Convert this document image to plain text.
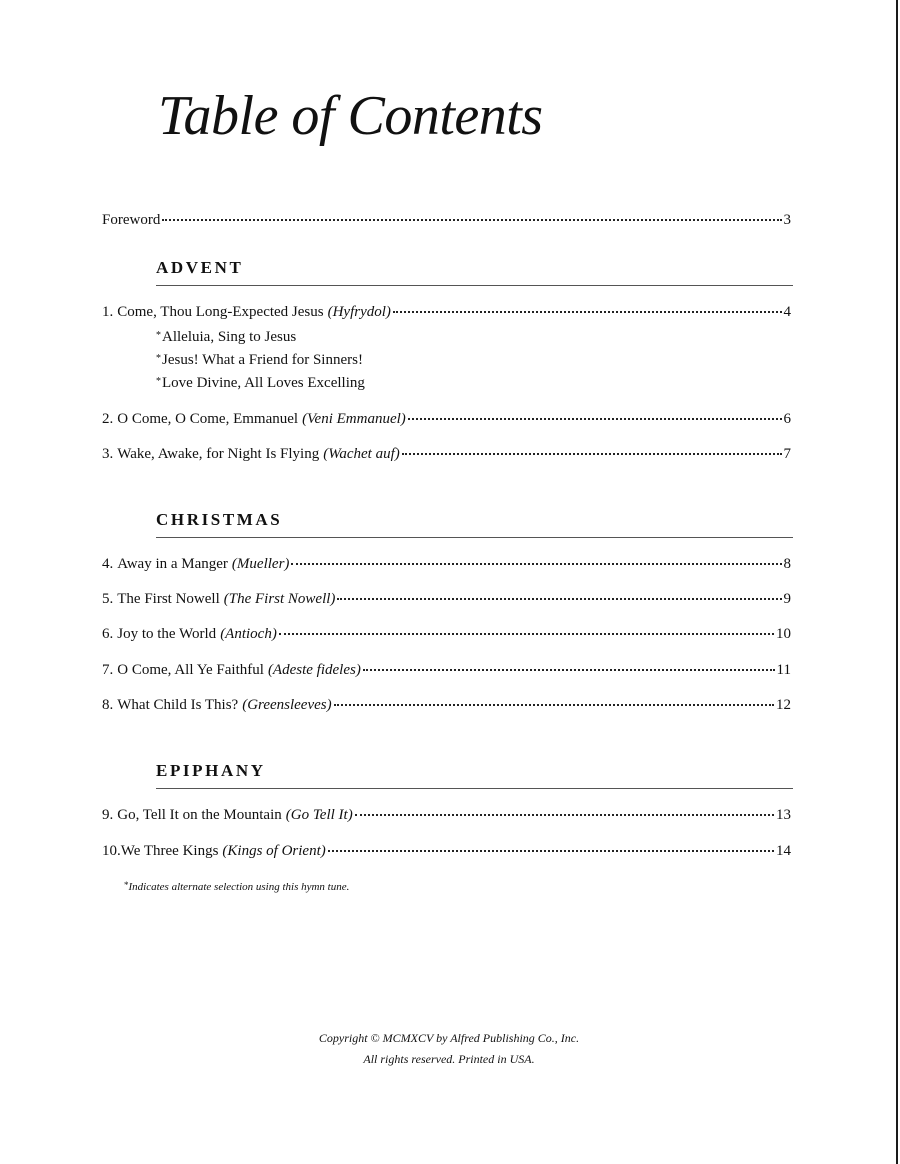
Table of Contents
Foreword	3
ADVENT
1. Come, Thou Long-Expected Jesus (Hyfrydol)	4
*Alleluia, Sing to Jesus
*Jesus! What a Friend for Sinners!
*Love Divine, All Loves Excelling
2. O Come, O Come, Emmanuel (Veni Emmanuel)	6
3. Wake, Awake, for Night Is Flying (Wachet auf)	7
CHRISTMAS
4. Away in a Manger (Mueller)	8
5. The First Nowell (The First Nowell)	9
6. Joy to the World (Antioch)	10
7. O Come, All Ye Faithful (Adeste fideles)	11
8. What Child Is This? (Greensleeves)	12
EPIPHANY
9. Go, Tell It on the Mountain (Go Tell It)	13
10. We Three Kings (Kings of Orient)	14
*Indicates alternate selection using this hymn tune.
Copyright © MCMXCV by Alfred Publishing Co., Inc.
All rights reserved. Printed in USA.
